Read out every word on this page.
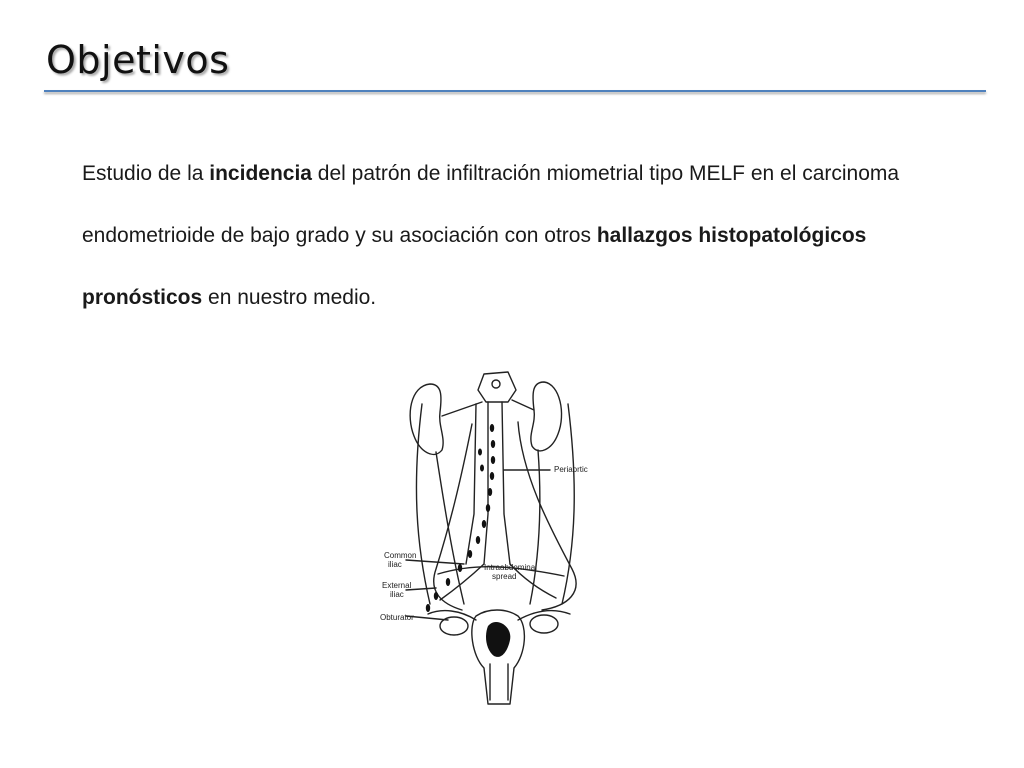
Objetivos
Estudio de la incidencia del patrón de infiltración miometrial tipo MELF en el carcinoma endometrioide de bajo grado y su asociación con otros hallazgos histopatológicos pronósticos en nuestro medio.
Periaortic
Common
iliac	Intraabdominal
spread
External
iliac
Obturator
